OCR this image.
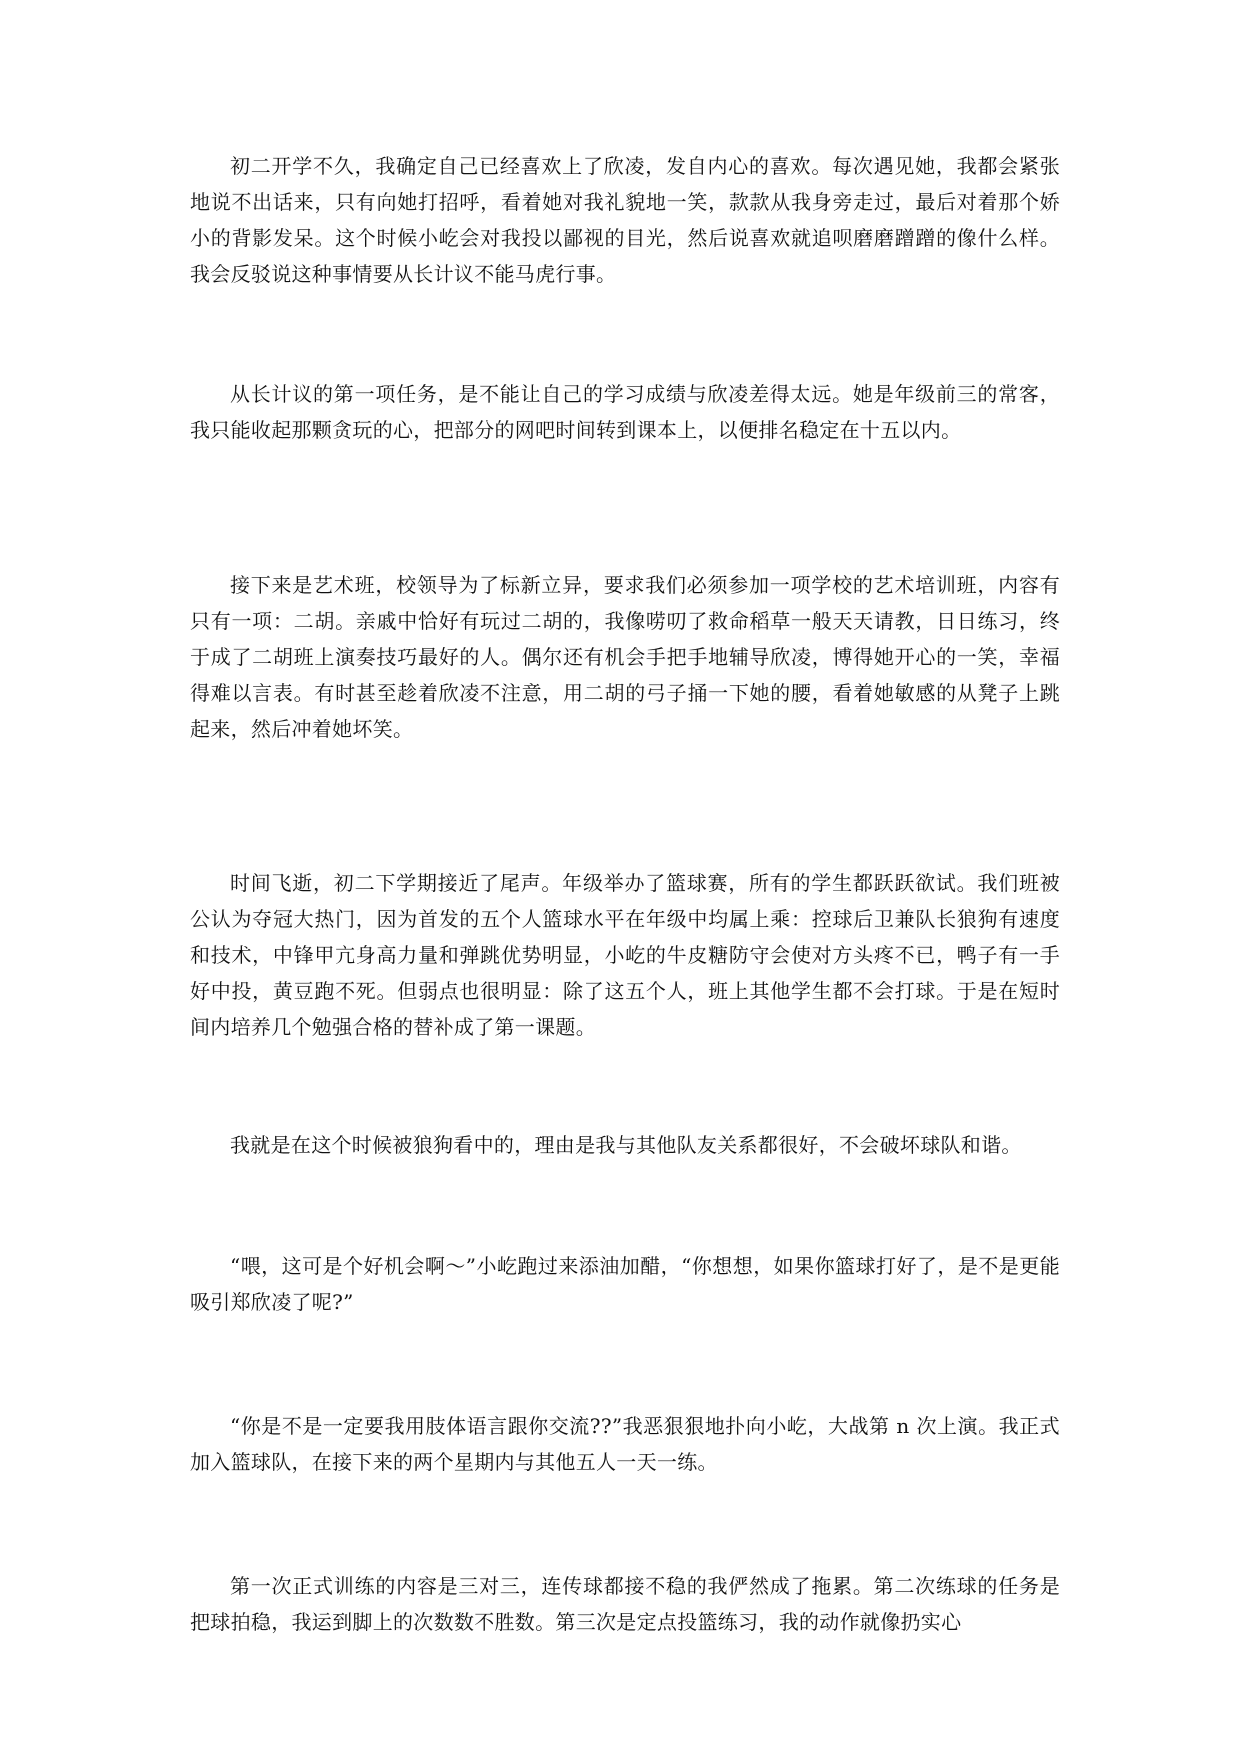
初二开学不久，我确定自己已经喜欢上了欣凌，发自内心的喜欢。每次遇见她，我都会紧张地说不出话来，只有向她打招呼，看着她对我礼貌地一笑，款款从我身旁走过，最后对着那个娇小的背影发呆。这个时候小屹会对我投以鄙视的目光，然后说喜欢就追呗磨磨蹭蹭的像什么样。我会反驳说这种事情要从长计议不能马虎行事。

从长计议的第一项任务，是不能让自己的学习成绩与欣凌差得太远。她是年级前三的常客，我只能收起那颗贪玩的心，把部分的网吧时间转到课本上，以便排名稳定在十五以内。

接下来是艺术班，校领导为了标新立异，要求我们必须参加一项学校的艺术培训班，内容有只有一项：二胡。亲戚中恰好有玩过二胡的，我像唠叨了救命稻草一般天天请教，日日练习，终于成了二胡班上演奏技巧最好的人。偶尔还有机会手把手地辅导欣凌，博得她开心的一笑，幸福得难以言表。有时甚至趁着欣凌不注意，用二胡的弓子捅一下她的腰，看着她敏感的从凳子上跳起来，然后冲着她坏笑。

时间飞逝，初二下学期接近了尾声。年级举办了篮球赛，所有的学生都跃跃欲试。我们班被公认为夺冠大热门，因为首发的五个人篮球水平在年级中均属上乘：控球后卫兼队长狼狗有速度和技术，中锋甲亢身高力量和弹跳优势明显，小屹的牛皮糖防守会使对方头疼不已，鸭子有一手好中投，黄豆跑不死。但弱点也很明显：除了这五个人，班上其他学生都不会打球。于是在短时间内培养几个勉强合格的替补成了第一课题。

我就是在这个时候被狼狗看中的，理由是我与其他队友关系都很好，不会破坏球队和谐。

“喂，这可是个好机会啊～”小屹跑过来添油加醋，“你想想，如果你篮球打好了，是不是更能吸引郑欣凌了呢?”

“你是不是一定要我用肢体语言跟你交流??”我恶狠狠地扑向小屹，大战第 n 次上演。我正式加入篮球队，在接下来的两个星期内与其他五人一天一练。

第一次正式训练的内容是三对三，连传球都接不稳的我俨然成了拖累。第二次练球的任务是把球拍稳，我运到脚上的次数数不胜数。第三次是定点投篮练习，我的动作就像扔实心
